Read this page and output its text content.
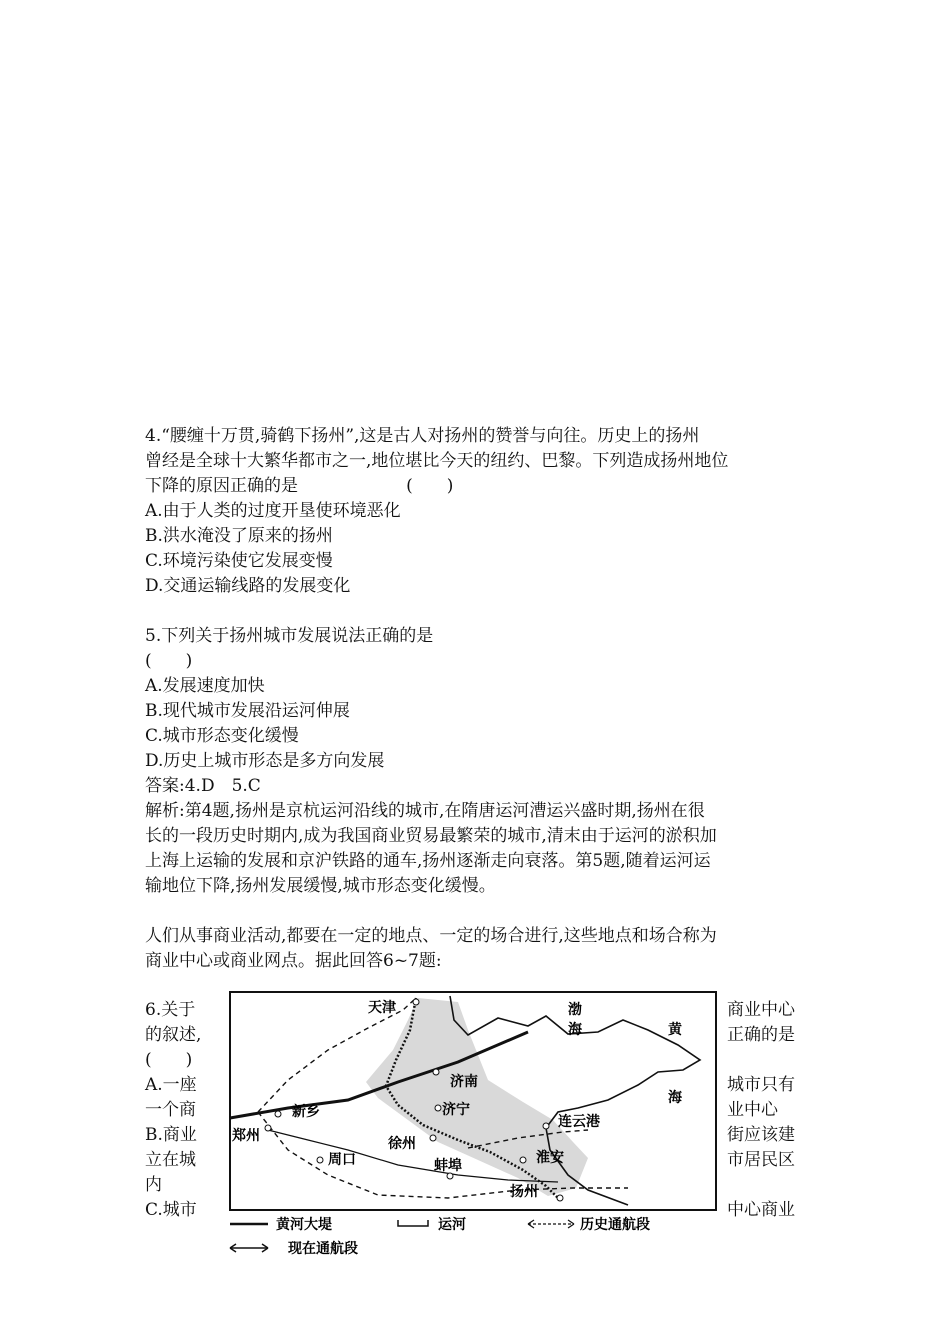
4.“腰缠十万贯,骑鹤下扬州”,这是古人对扬州的赞誉与向往。历史上的扬州
曾经是全球十大繁华都市之一,地位堪比今天的纽约、巴黎。下列造成扬州地位
下降的原因正确的是                    (　　)
A.由于人类的过度开垦使环境恶化
B.洪水淹没了原来的扬州
C.环境污染使它发展变慢
D.交通运输线路的发展变化
5.下列关于扬州城市发展说法正确的是
(　　)
A.发展速度加快
B.现代城市发展沿运河伸展
C.城市形态变化缓慢
D.历史上城市形态是多方向发展
答案:4.D　5.C
解析:第4题,扬州是京杭运河沿线的城市,在隋唐运河漕运兴盛时期,扬州在很
长的一段历史时期内,成为我国商业贸易最繁荣的城市,清末由于运河的淤积加
上海上运输的发展和京沪铁路的通车,扬州逐渐走向衰落。第5题,随着运河运
输地位下降,扬州发展缓慢,城市形态变化缓慢。
人们从事商业活动,都要在一定的地点、一定的场合进行,这些地点和场合称为
商业中心或商业网点。据此回答6~7题:
6.关于
的叙述,
(　　)
A.一座
一个商
B.商业
立在城
内
C.城市
商业中心
正确的是
城市只有
业中心
街应该建
市居民区
中心商业
天津	渤
海	黄
海
济南
新乡	济宁
连云港
郑州	徐州
周口	淮安
蚌埠
扬州
黄河大堤	运河	历史通航段
现在通航段
